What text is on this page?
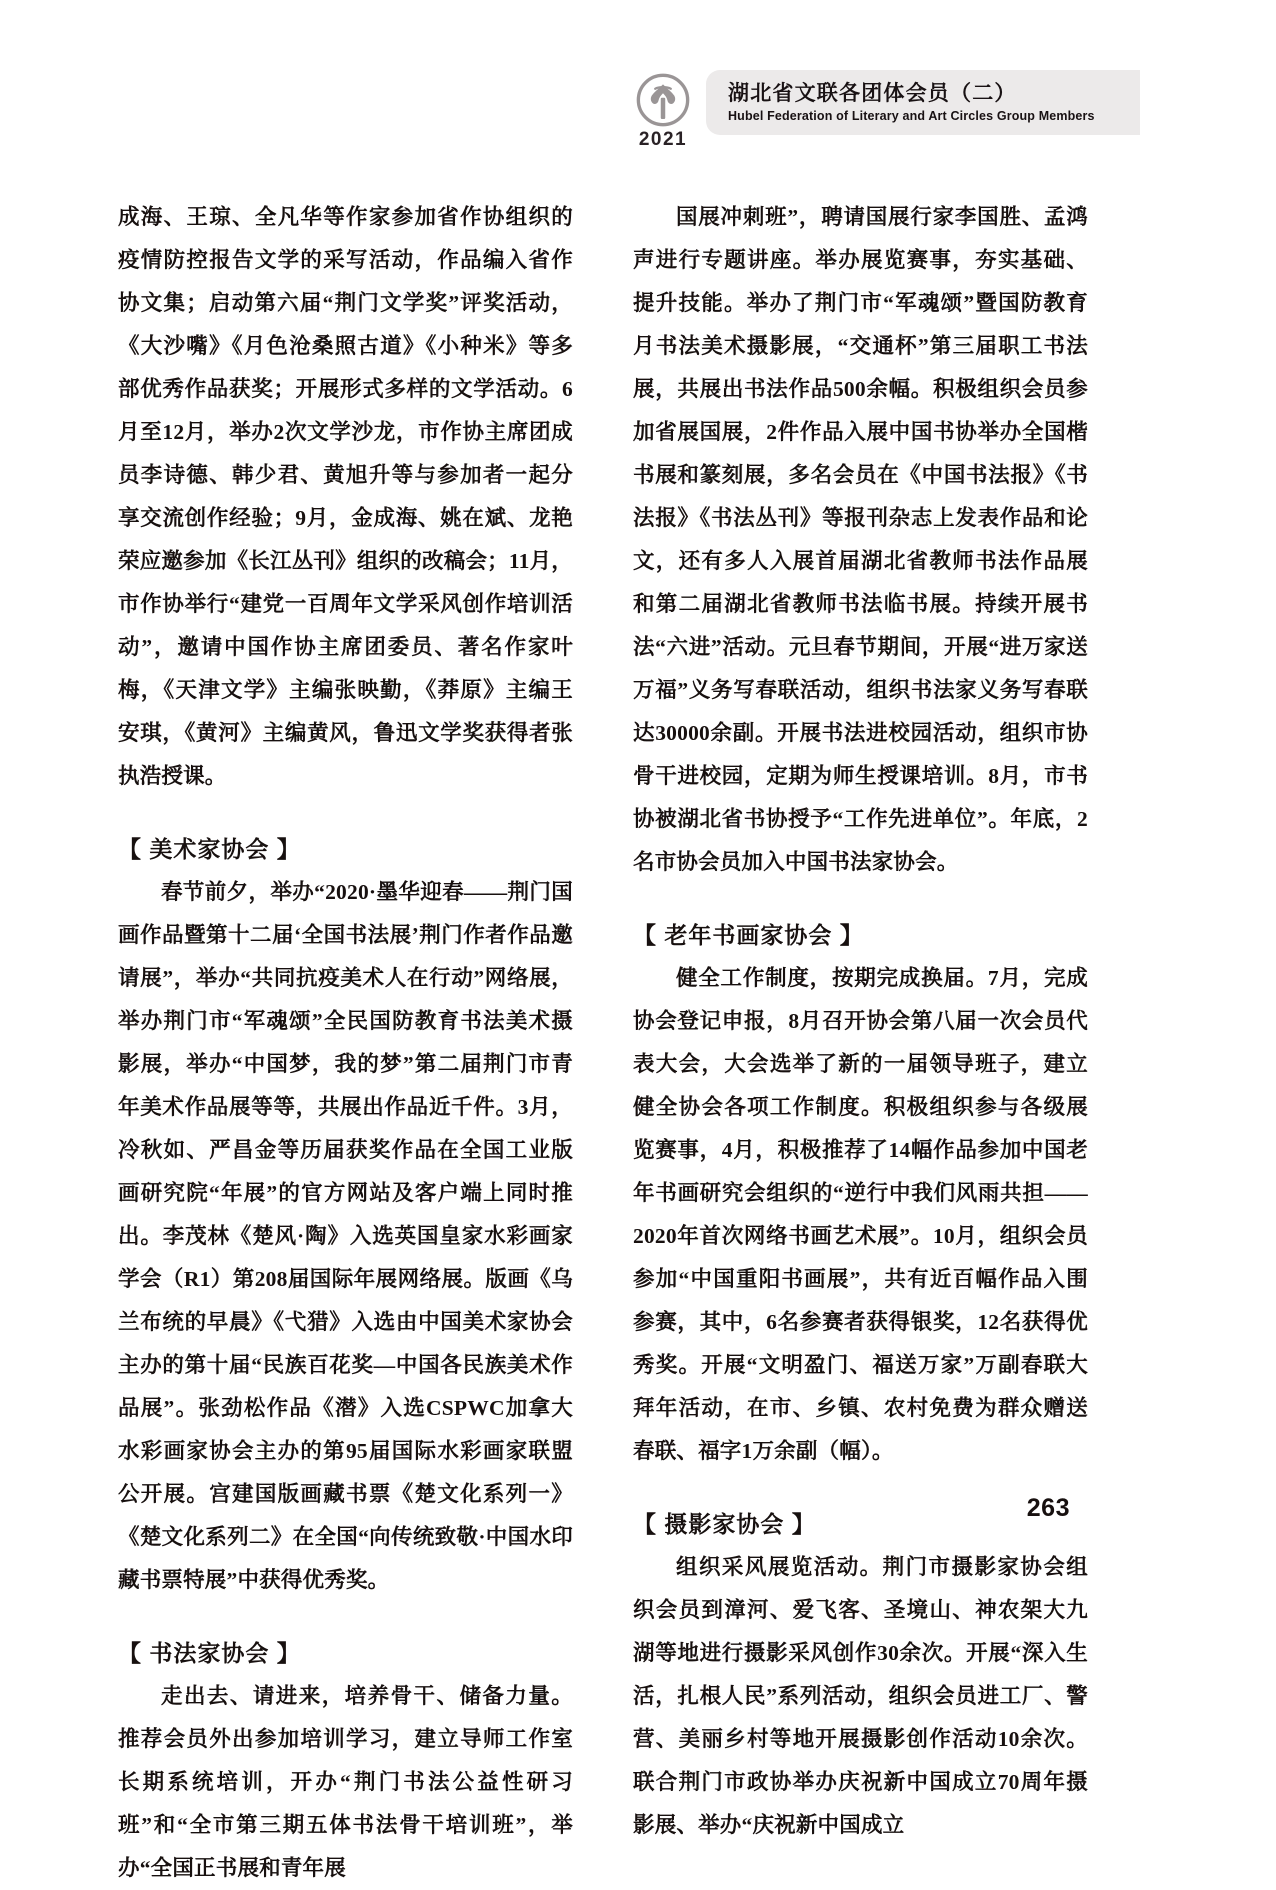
2021
湖北省文联各团体会员（二）
Hubel Federation of Literary and Art Circles Group Members

成海、王琼、全凡华等作家参加省作协组织的疫情防控报告文学的采写活动，作品编入省作协文集；启动第六届“荆门文学奖”评奖活动，《大沙嘴》《月色沧桑照古道》《小种米》等多部优秀作品获奖；开展形式多样的文学活动。6月至12月，举办2次文学沙龙，市作协主席团成员李诗德、韩少君、黄旭升等与参加者一起分享交流创作经验；9月，金成海、姚在斌、龙艳荣应邀参加《长江丛刊》组织的改稿会；11月，市作协举行“建党一百周年文学采风创作培训活动”，邀请中国作协主席团委员、著名作家叶梅，《天津文学》主编张映勤，《莽原》主编王安琪，《黄河》主编黄风，鲁迅文学奖获得者张执浩授课。

【 美术家协会 】

春节前夕，举办“2020·墨华迎春——荆门国画作品暨第十二届‘全国书法展’荆门作者作品邀请展”，举办“共同抗疫美术人在行动”网络展，举办荆门市“军魂颂”全民国防教育书法美术摄影展，举办“中国梦，我的梦”第二届荆门市青年美术作品展等等，共展出作品近千件。3月，冷秋如、严昌金等历届获奖作品在全国工业版画研究院“年展”的官方网站及客户端上同时推出。李茂林《楚风·陶》入选英国皇家水彩画家学会（R1）第208届国际年展网络展。版画《乌兰布统的早晨》《弋猎》入选由中国美术家协会主办的第十届“民族百花奖—中国各民族美术作品展”。张劲松作品《潜》入选CSPWC加拿大水彩画家协会主办的第95届国际水彩画家联盟公开展。宫建国版画藏书票《楚文化系列一》《楚文化系列二》在全国“向传统致敬·中国水印藏书票特展”中获得优秀奖。

【 书法家协会 】

走出去、请进来，培养骨干、储备力量。推荐会员外出参加培训学习，建立导师工作室长期系统培训，开办“荆门书法公益性研习班”和“全市第三期五体书法骨干培训班”，举办“全国正书展和青年展

国展冲刺班”，聘请国展行家李国胜、孟鸿声进行专题讲座。举办展览赛事，夯实基础、提升技能。举办了荆门市“军魂颂”暨国防教育月书法美术摄影展，“交通杯”第三届职工书法展，共展出书法作品500余幅。积极组织会员参加省展国展，2件作品入展中国书协举办全国楷书展和篆刻展，多名会员在《中国书法报》《书法报》《书法丛刊》等报刊杂志上发表作品和论文，还有多人入展首届湖北省教师书法作品展和第二届湖北省教师书法临书展。持续开展书法“六进”活动。元旦春节期间，开展“进万家送万福”义务写春联活动，组织书法家义务写春联达30000余副。开展书法进校园活动，组织市协骨干进校园，定期为师生授课培训。8月，市书协被湖北省书协授予“工作先进单位”。年底，2名市协会员加入中国书法家协会。

【 老年书画家协会 】

健全工作制度，按期完成换届。7月，完成协会登记申报，8月召开协会第八届一次会员代表大会，大会选举了新的一届领导班子，建立健全协会各项工作制度。积极组织参与各级展览赛事，4月，积极推荐了14幅作品参加中国老年书画研究会组织的“逆行中我们风雨共担——2020年首次网络书画艺术展”。10月，组织会员参加“中国重阳书画展”，共有近百幅作品入围参赛，其中，6名参赛者获得银奖，12名获得优秀奖。开展“文明盈门、福送万家”万副春联大拜年活动，在市、乡镇、农村免费为群众赠送春联、福字1万余副（幅）。

【 摄影家协会 】

组织采风展览活动。荆门市摄影家协会组织会员到漳河、爱飞客、圣境山、神农架大九湖等地进行摄影采风创作30余次。开展“深入生活，扎根人民”系列活动，组织会员进工厂、警营、美丽乡村等地开展摄影创作活动10余次。联合荆门市政协举办庆祝新中国成立70周年摄影展、举办“庆祝新中国成立

263
